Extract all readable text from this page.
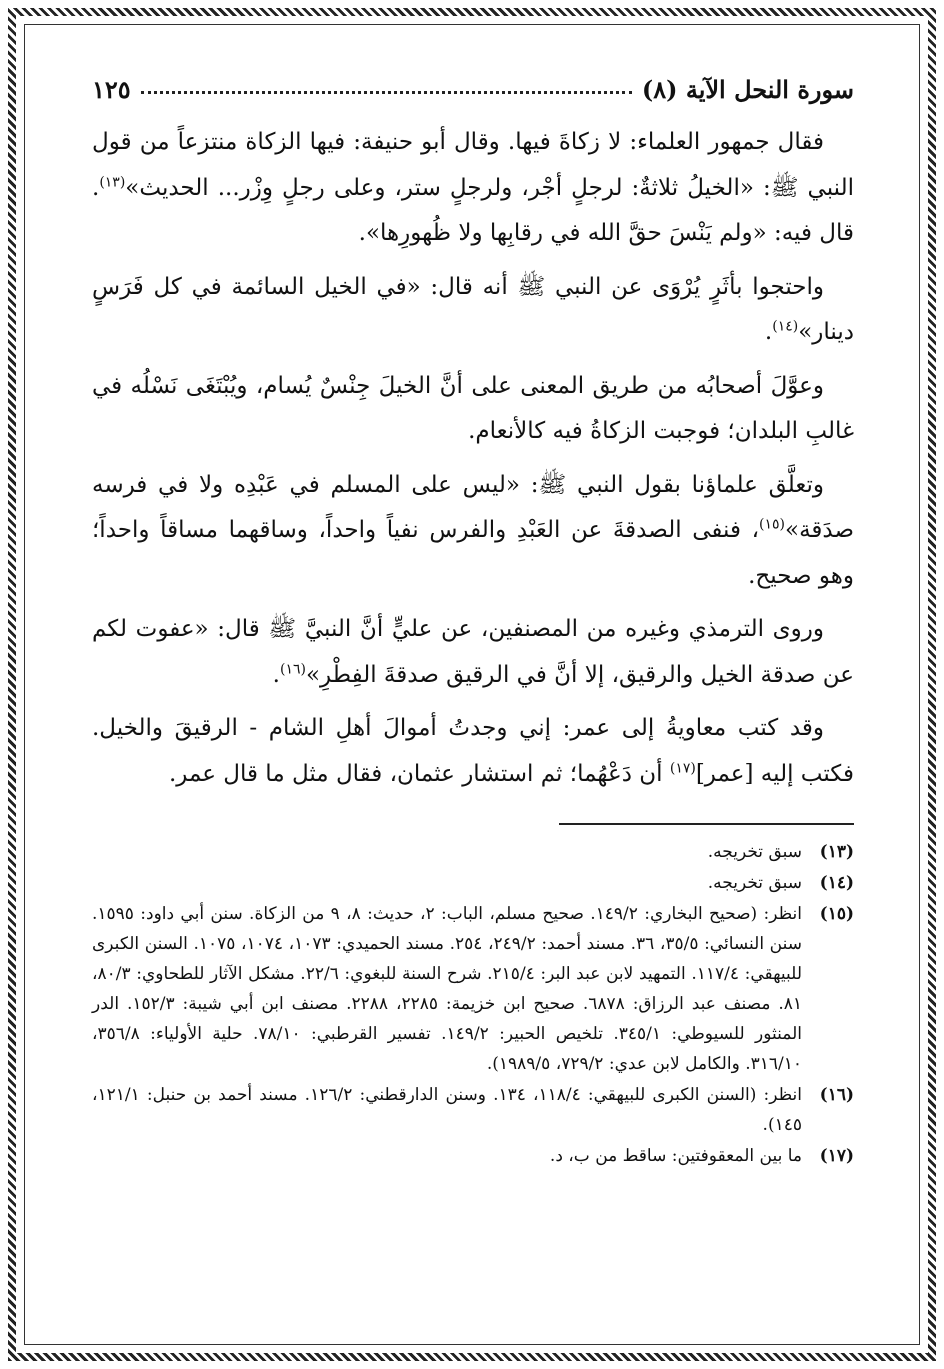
سورة النحل الآية (٨)
١٢٥

فقال جمهور العلماء: لا زكاةَ فيها. وقال أبو حنيفة: فيها الزكاة منتزعاً من قول النبي ﷺ: «الخيلُ ثلاثةٌ: لرجلٍ أجْر، ولرجلٍ ستر، وعلى رجلٍ وِزْر... الحديث»$^{(١٣)}$. قال فيه: «ولم يَنْسَ حقَّ الله في رقابِها ولا ظُهورِها».

واحتجوا بأثَرٍ يُرْوَى عن النبي ﷺ أنه قال: «في الخيل السائمة في كل فَرَسٍ دينار»$^{(١٤)}$.

وعوَّلَ أصحابُه من طريق المعنى على أنَّ الخيلَ جِنْسٌ يُسام، ويُبْتَغَى نَسْلُه في غالبِ البلدان؛ فوجبت الزكاةُ فيه كالأنعام.

وتعلَّق علماؤنا بقول النبي ﷺ: «ليس على المسلم في عَبْدِه ولا في فرسه صدَقة»$^{(١٥)}$، فنفى الصدقةَ عن العَبْدِ والفرس نفياً واحداً، وساقهما مساقاً واحداً؛ وهو صحيح.

وروى الترمذي وغيره من المصنفين، عن عليٍّ أنَّ النبيَّ ﷺ قال: «عفوت لكم عن صدقة الخيل والرقيق، إلا أنَّ في الرقيق صدقةَ الفِطْرِ»$^{(١٦)}$.

وقد كتب معاويةُ إلى عمر: إني وجدتُ أموالَ أهلِ الشام - الرقيقَ والخيل. فكتب إليه [عمر]$^{(١٧)}$ أن دَعْهُما؛ ثم استشار عثمان، فقال مثل ما قال عمر.

(١٣)
سبق تخريجه.
(١٤)
سبق تخريجه.
(١٥)
انظر: (صحيح البخاري: ١٤٩/٢. صحيح مسلم، الباب: ٢، حديث: ٨، ٩ من الزكاة. سنن أبي داود: ١٥٩٥. سنن النسائي: ٣٥/٥، ٣٦. مسند أحمد: ٢٤٩/٢، ٢٥٤. مسند الحميدي: ١٠٧٣، ١٠٧٤، ١٠٧٥. السنن الكبرى للبيهقي: ١١٧/٤. التمهيد لابن عبد البر: ٢١٥/٤. شرح السنة للبغوي: ٢٢/٦. مشكل الآثار للطحاوي: ٨٠/٣، ٨١. مصنف عبد الرزاق: ٦٨٧٨. صحيح ابن خزيمة: ٢٢٨٥، ٢٢٨٨. مصنف ابن أبي شيبة: ١٥٢/٣. الدر المنثور للسيوطي: ٣٤٥/١. تلخيص الحبير: ١٤٩/٢. تفسير القرطبي: ٧٨/١٠. حلية الأولياء: ٣٥٦/٨، ٣١٦/١٠. والكامل لابن عدي: ٧٢٩/٢، ١٩٨٩/٥).
(١٦)
انظر: (السنن الكبرى للبيهقي: ١١٨/٤، ١٣٤. وسنن الدارقطني: ١٢٦/٢. مسند أحمد بن حنبل: ١٢١/١، ١٤٥).
(١٧)
ما بين المعقوفتين: ساقط من ب، د.
